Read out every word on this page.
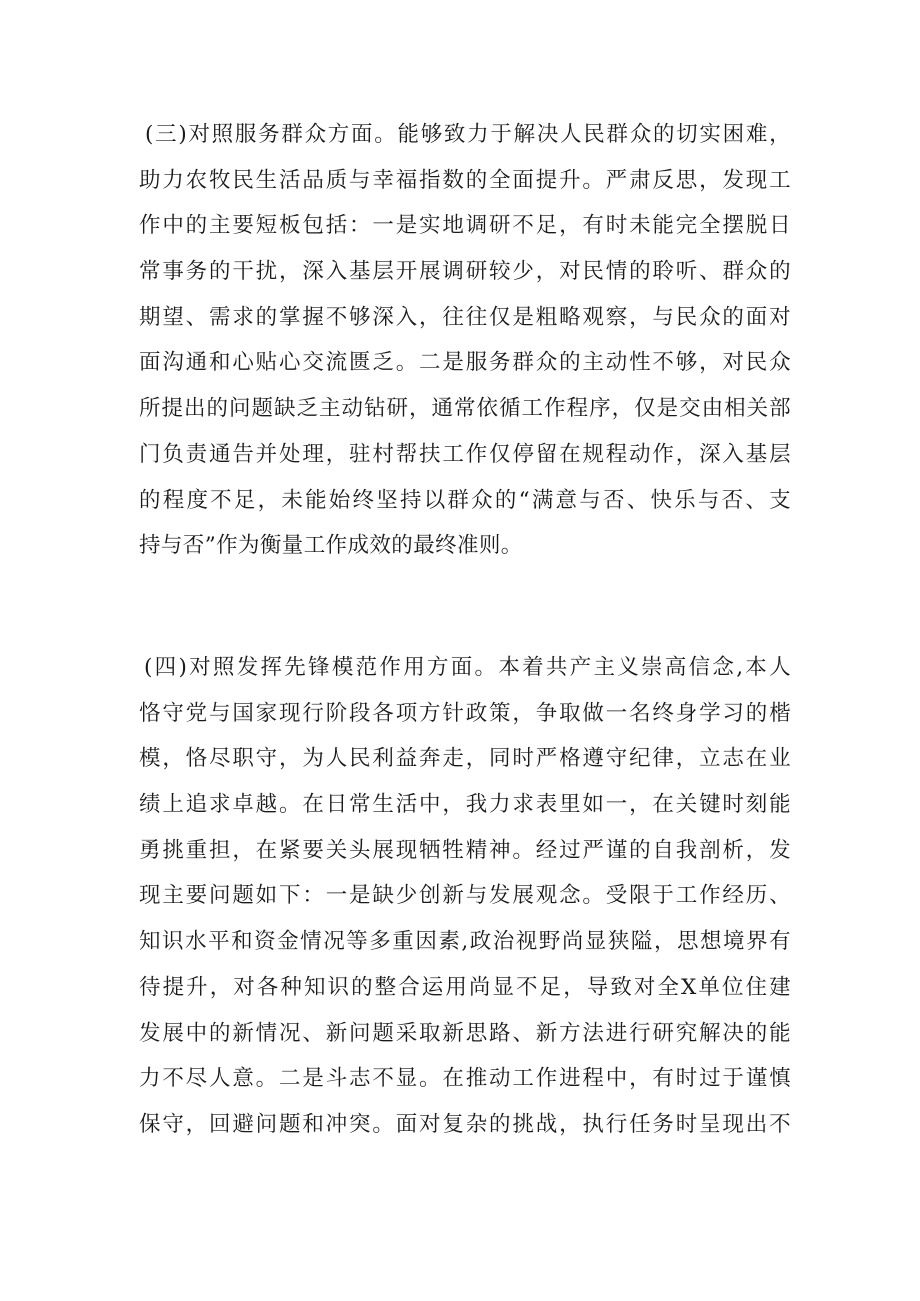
(三)对照服务群众方面。能够致力于解决人民群众的切实困难，
助力农牧民生活品质与幸福指数的全面提升。严肃反思，发现工
作中的主要短板包括：一是实地调研不足，有时未能完全摆脱日
常事务的干扰，深入基层开展调研较少，对民情的聆听、群众的
期望、需求的掌握不够深入，往往仅是粗略观察，与民众的面对
面沟通和心贴心交流匮乏。二是服务群众的主动性不够，对民众
所提出的问题缺乏主动钻研，通常依循工作程序，仅是交由相关部
门负责通告并处理，驻村帮扶工作仅停留在规程动作，深入基层
的程度不足，未能始终坚持以群众的“满意与否、快乐与否、支
持与否”作为衡量工作成效的最终准则。
(四)对照发挥先锋模范作用方面。本着共产主义崇高信念,本人
恪守党与国家现行阶段各项方针政策，争取做一名终身学习的楷
模，恪尽职守，为人民利益奔走，同时严格遵守纪律，立志在业
绩上追求卓越。在日常生活中，我力求表里如一，在关键时刻能
勇挑重担，在紧要关头展现牺牲精神。经过严谨的自我剖析，发
现主要问题如下：一是缺少创新与发展观念。受限于工作经历、
知识水平和资金情况等多重因素,政治视野尚显狭隘，思想境界有
待提升，对各种知识的整合运用尚显不足，导致对全X单位住建
发展中的新情况、新问题采取新思路、新方法进行研究解决的能
力不尽人意。二是斗志不显。在推动工作进程中，有时过于谨慎
保守，回避问题和冲突。面对复杂的挑战，执行任务时呈现出不
